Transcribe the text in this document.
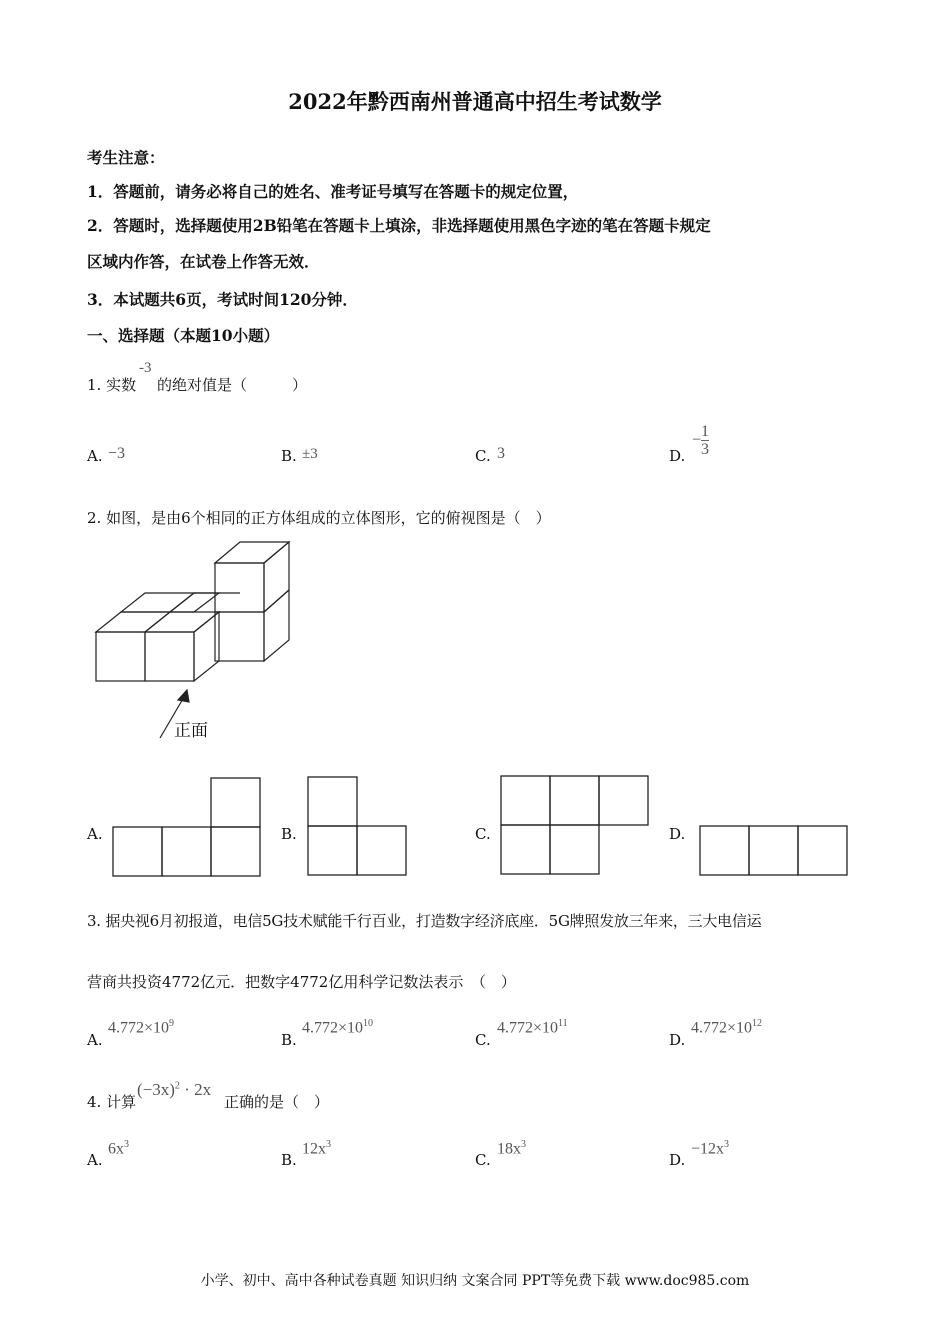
2022年黔西南州普通高中招生考试数学
考生注意：
1．答题前，请务必将自己的姓名、准考证号填写在答题卡的规定位置，
2．答题时，选择题使用2B铅笔在答题卡上填涂，非选择题使用黑色字迹的笔在答题卡规定
区域内作答，在试卷上作答无效．
3．本试题共6页，考试时间120分钟．
一、选择题（本题10小题）
1. 实数
-3
的绝对值是（　　　）
A. −3	B. ±3	C. 3	D.
− $\frac{1}{3}$
2. 如图，是由6个相同的正方体组成的立体图形，它的俯视图是（　）
正面
A.	B.	C.	D.
3. 据央视6月初报道，电信5G技术赋能千行百业，打造数字经济底座．5G牌照发放三年来，三大电信运
营商共投资4772亿元．把数字4772亿用科学记数法表示　（　）
A.
$4.772\times 10^9$
B.
$4.772\times 10^{10}$
C.
$4.772\times 10^{11}$
D.
$4.772\times 10^{12}$
4. 计算
$(-3x)^2 \cdot 2x$
正确的是（　）
A.
$6x^3$
B.
$12x^3$
C.
$18x^3$
D.
$-12x^3$
小学、初中、高中各种试卷真题 知识归纳 文案合同 PPT等免费下载 www.doc985.com
